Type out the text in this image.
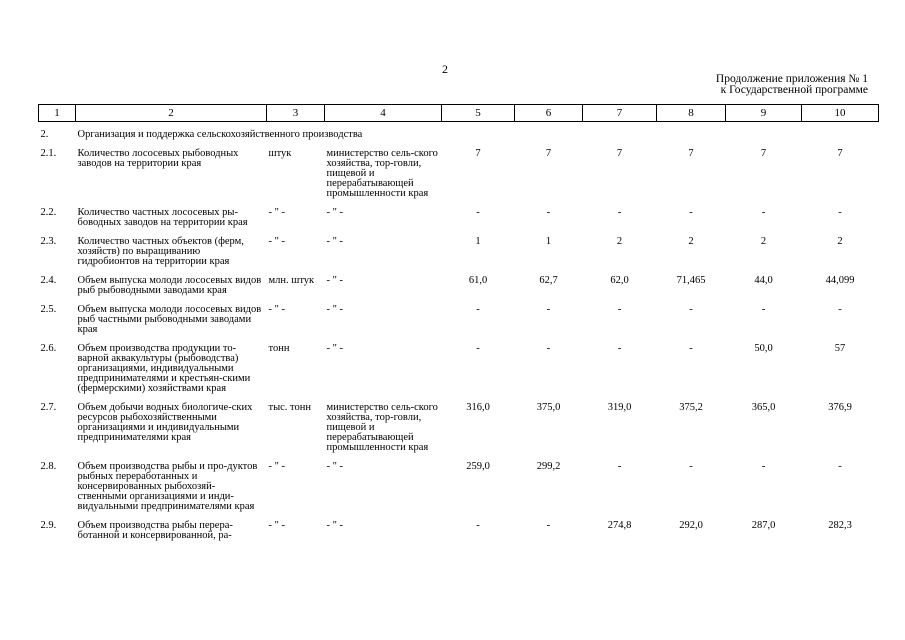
2
Продолжение приложения № 1
к Государственной программе
1	2	3	4	5	6	7	8	9	10
2.	Организация и поддержка сельскохозяйственного производства								
2.1.	Количество лососевых рыбоводных заводов на территории края	штук	министерство сель-ского хозяйства, тор-говли, пищевой и перерабатывающей промышленности края	7	7	7	7	7	7
2.2.	Количество частных лососевых ры-боводных заводов на территории края	- " -	- " -	-	-	-	-	-	-
2.3.	Количество частных объектов (ферм, хозяйств) по выращиванию гидробионтов на территории края	- " -	- " -	1	1	2	2	2	2
2.4.	Объем выпуска молоди лососевых видов рыб рыбоводными заводами края	млн. штук	- " -	61,0	62,7	62,0	71,465	44,0	44,099
2.5.	Объем выпуска молоди лососевых видов рыб частными рыбоводными заводами края	- " -	- " -	-	-	-	-	-	-
2.6.	Объем производства продукции то-варной аквакультуры (рыбоводства) организациями, индивидуальными предпринимателями и крестьян-скими (фермерскими) хозяйствами края	тонн	- " -	-	-	-	-	50,0	57
2.7.	Объем добычи водных биологиче-ских ресурсов рыбохозяйственными организациями и индивидуальными предпринимателями края	тыс. тонн	министерство сель-ского хозяйства, тор-говли, пищевой и перерабатывающей промышленности края	316,0	375,0	319,0	375,2	365,0	376,9
2.8.	Объем производства рыбы и про-дуктов рыбных переработанных и консервированных рыбохозяй-ственными организациями и инди-видуальными предпринимателями края	- " -	- " -	259,0	299,2	-	-	-	-
2.9.	Объем производства рыбы перера-ботанной и консервированной, ра-	- " -	- " -	-	-	274,8	292,0	287,0	282,3
